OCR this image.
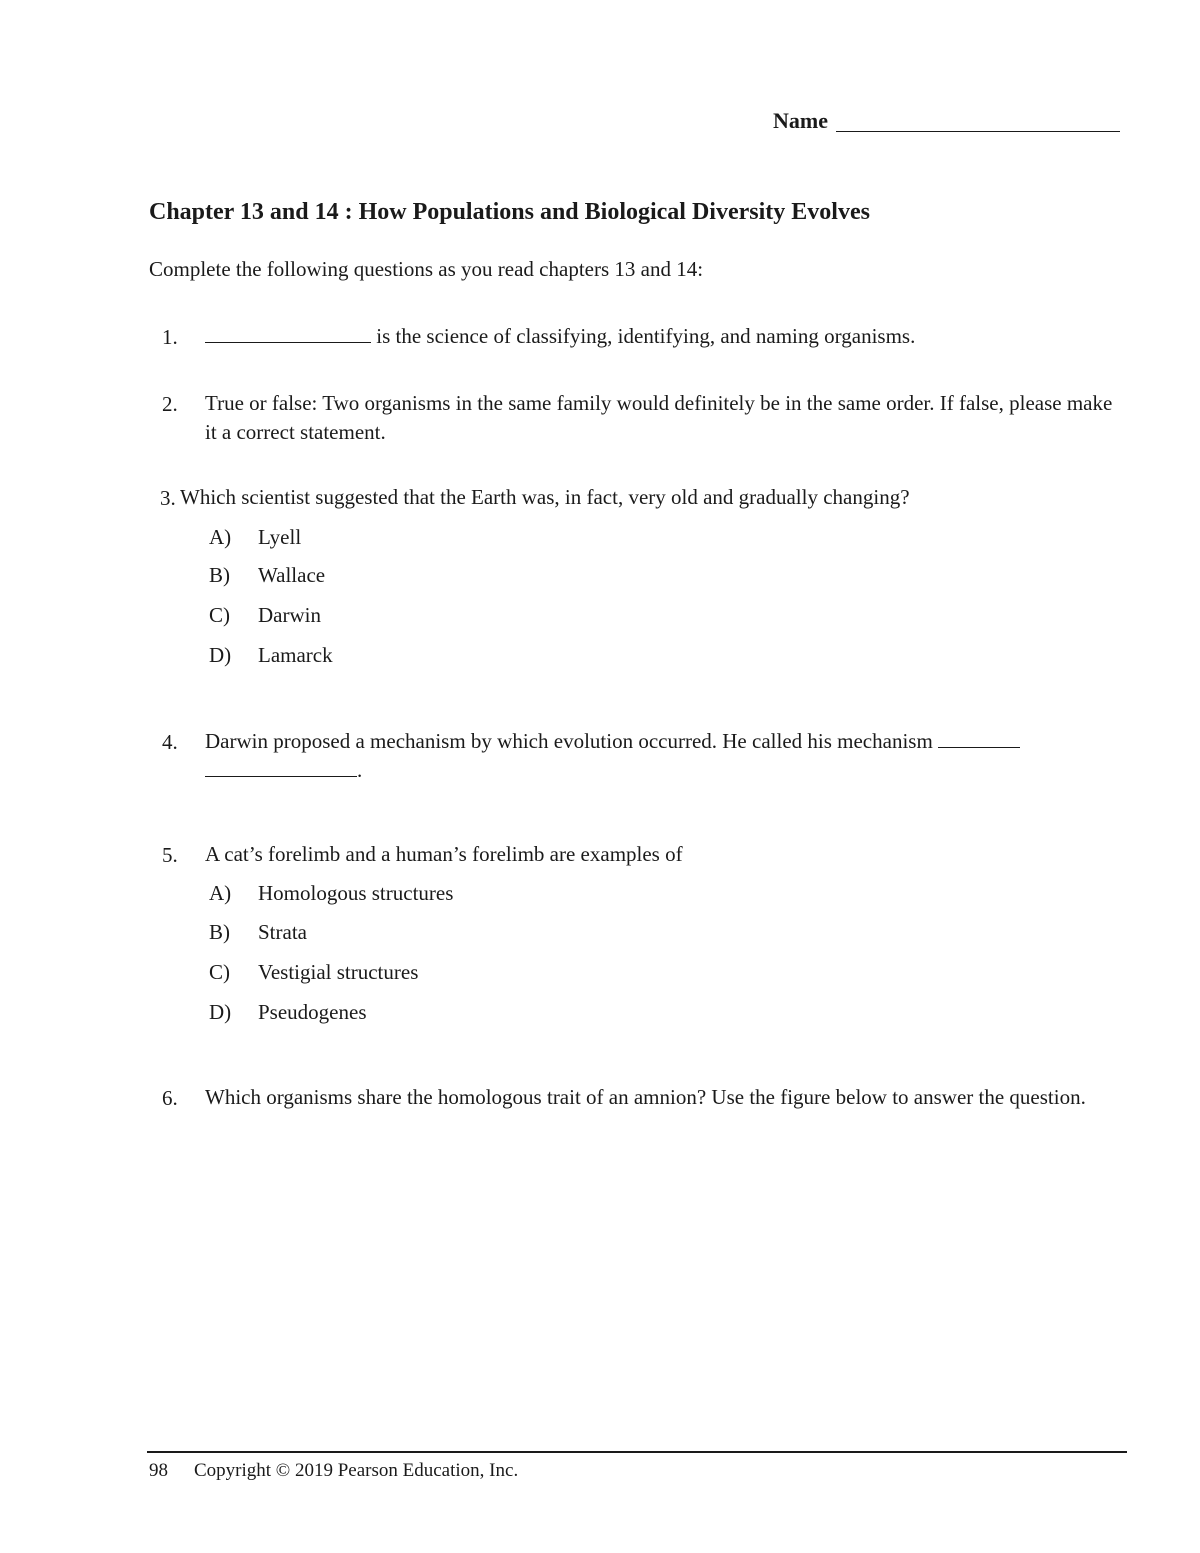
Name
Chapter 13 and 14 : How Populations and Biological Diversity Evolves
Complete the following questions as you read chapters 13 and 14:
1.	is the science of classifying, identifying, and naming organisms.
2. True or false: Two organisms in the same family would definitely be in the same order. If false, please make it a correct statement.
3. Which scientist suggested that the Earth was, in fact, very old and gradually changing?
A) Lyell
B) Wallace
C) Darwin
D) Lamarck
4. Darwin proposed a mechanism by which evolution occurred. He called his mechanism
.
5. A cat’s forelimb and a human’s forelimb are examples of
A) Homologous structures
B) Strata
C) Vestigial structures
D) Pseudogenes
6. Which organisms share the homologous trait of an amnion? Use the figure below to answer the question.
98 Copyright © 2019 Pearson Education, Inc.
